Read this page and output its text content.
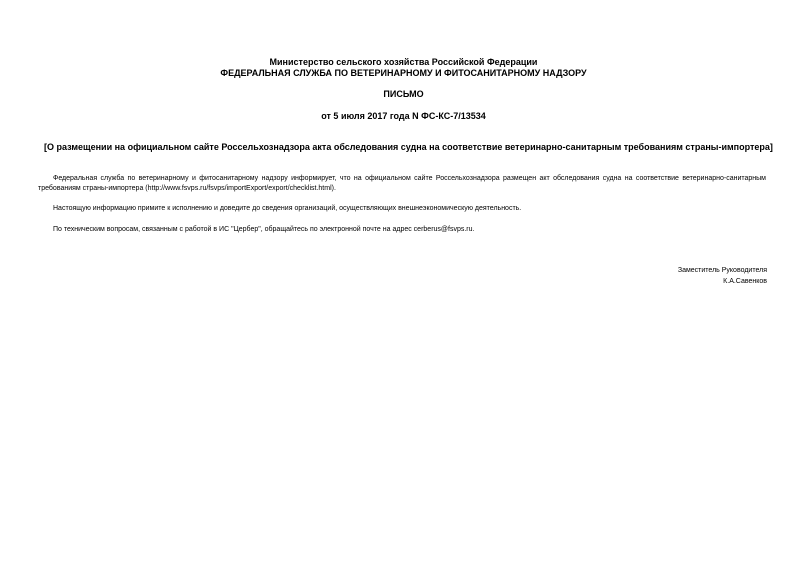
Министерство сельского хозяйства Российской Федерации
ФЕДЕРАЛЬНАЯ СЛУЖБА ПО ВЕТЕРИНАРНОМУ И ФИТОСАНИТАРНОМУ НАДЗОРУ
ПИСЬМО
от 5 июля 2017 года N ФС-КС-7/13534
[О размещении на официальном сайте Россельхознадзора акта обследования судна на соответствие ветеринарно-санитарным требованиям страны-импортера]
Федеральная служба по ветеринарному и фитосанитарному надзору информирует, что на официальном сайте Россельхознадзора размещен акт обследования судна на соответствие ветеринарно-санитарным требованиям страны-импортера (http://www.fsvps.ru/fsvps/importExport/export/checklist.html).
Настоящую информацию примите к исполнению и доведите до сведения организаций, осуществляющих внешнеэкономическую деятельность.
По техническим вопросам, связанным с работой в ИС "Цербер", обращайтесь по электронной почте на адрес cerberus@fsvps.ru.
Заместитель Руководителя
К.А.Савенков
